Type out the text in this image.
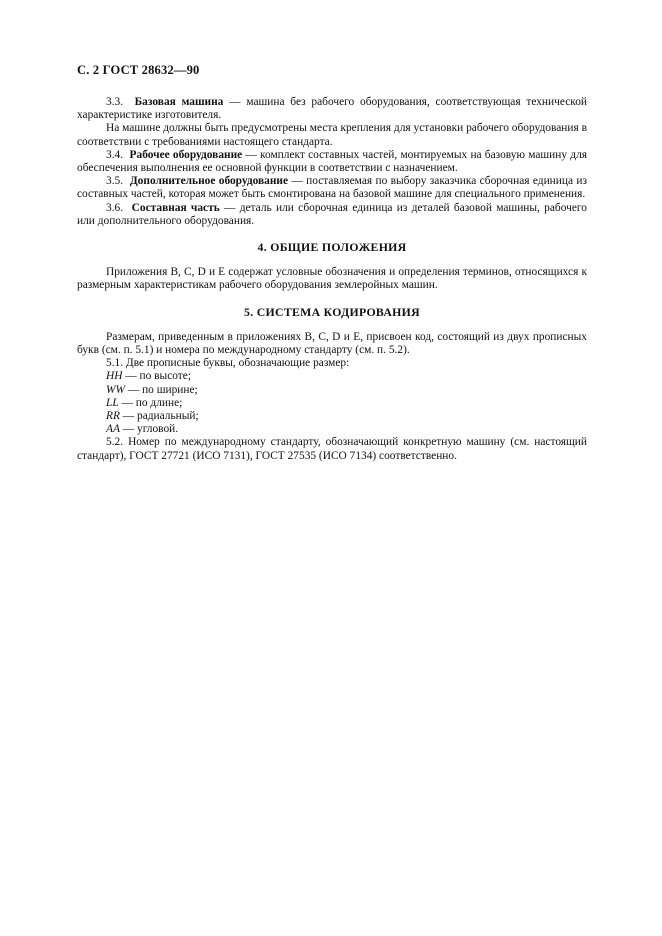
С. 2 ГОСТ 28632—90

3.3. Базовая машина — машина без рабочего оборудования, соответствующая технической характеристике изготовителя.

На машине должны быть предусмотрены места крепления для установки рабочего оборудования в соответствии с требованиями настоящего стандарта.

3.4. Рабочее оборудование — комплект составных частей, монтируемых на базовую машину для обеспечения выполнения ее основной функции в соответствии с назначением.

3.5. Дополнительное оборудование — поставляемая по выбору заказчика сборочная единица из составных частей, которая может быть смонтирована на базовой машине для специального применения.

3.6. Составная часть — деталь или сборочная единица из деталей базовой машины, рабочего или дополнительного оборудования.

4. ОБЩИЕ ПОЛОЖЕНИЯ

Приложения B, C, D и E содержат условные обозначения и определения терминов, относящихся к размерным характеристикам рабочего оборудования землеройных машин.

5. СИСТЕМА КОДИРОВАНИЯ

Размерам, приведенным в приложениях B, C, D и E, присвоен код, состоящий из двух прописных букв (см. п. 5.1) и номера по международному стандарту (см. п. 5.2).

5.1. Две прописные буквы, обозначающие размер:

HH — по высоте;
WW — по ширине;
LL — по длине;
RR — радиальный;
AA — угловой.

5.2. Номер по международному стандарту, обозначающий конкретную машину (см. настоящий стандарт), ГОСТ 27721 (ИСО 7131), ГОСТ 27535 (ИСО 7134) соответственно.
